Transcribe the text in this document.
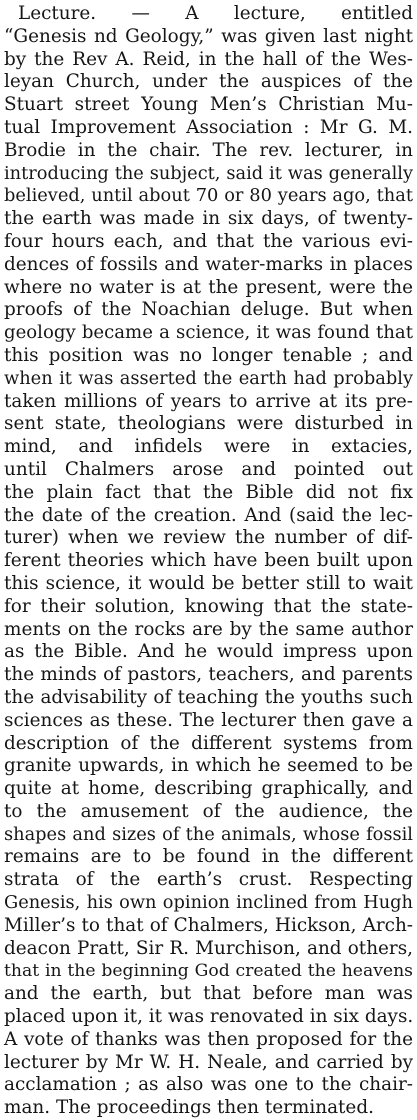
Lecture. — A lecture, entitled
“Genesis nd Geology,” was given last night
by the Rev A. Reid, in the hall of the Wes-
leyan Church, under the auspices of the
Stuart street Young Men’s Christian Mu-
tual Improvement Association : Mr G. M.
Brodie in the chair. The rev. lecturer, in
introducing the subject, said it was generally
believed, until about 70 or 80 years ago, that
the earth was made in six days, of twenty-
four hours each, and that the various evi-
dences of fossils and water-marks in places
where no water is at the present, were the
proofs of the Noachian deluge. But when
geology became a science, it was found that
this position was no longer tenable ; and
when it was asserted the earth had probably
taken millions of years to arrive at its pre-
sent state, theologians were disturbed in
mind, and infidels were in extacies,
until Chalmers arose and pointed out
the plain fact that the Bible did not fix
the date of the creation. And (said the lec-
turer) when we review the number of dif-
ferent theories which have been built upon
this science, it would be better still to wait
for their solution, knowing that the state-
ments on the rocks are by the same author
as the Bible. And he would impress upon
the minds of pastors, teachers, and parents
the advisability of teaching the youths such
sciences as these. The lecturer then gave a
description of the different systems from
granite upwards, in which he seemed to be
quite at home, describing graphically, and
to the amusement of the audience, the
shapes and sizes of the animals, whose fossil
remains are to be found in the different
strata of the earth’s crust. Respecting
Genesis, his own opinion inclined from Hugh
Miller’s to that of Chalmers, Hickson, Arch-
deacon Pratt, Sir R. Murchison, and others,
that in the beginning God created the heavens
and the earth, but that before man was
placed upon it, it was renovated in six days.
A vote of thanks was then proposed for the
lecturer by Mr W. H. Neale, and carried by
acclamation ; as also was one to the chair-
man. The proceedings then terminated.
